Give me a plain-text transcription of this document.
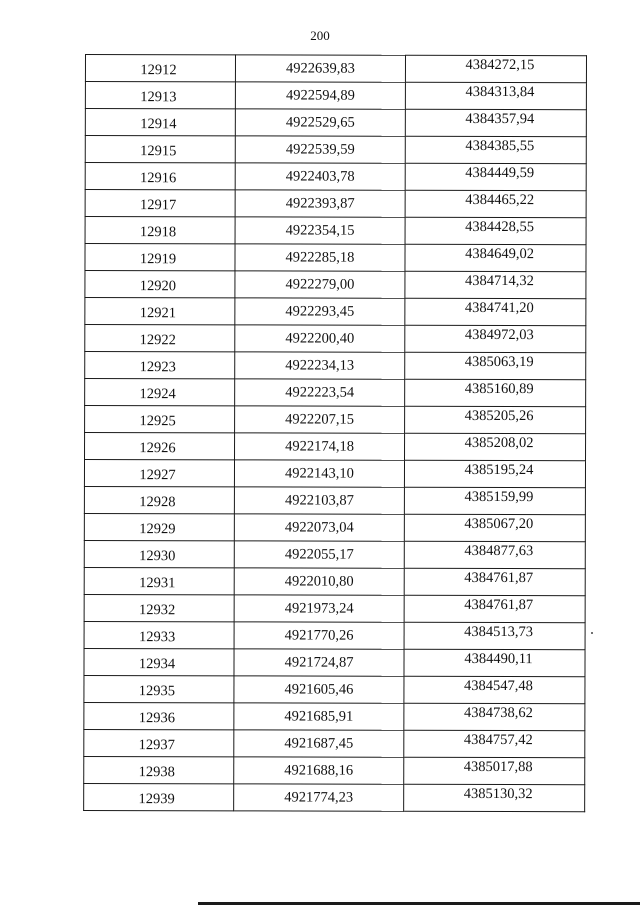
200
12912	4922639,83	4384272,15
12913	4922594,89	4384313,84
12914	4922529,65	4384357,94
12915	4922539,59	4384385,55
12916	4922403,78	4384449,59
12917	4922393,87	4384465,22
12918	4922354,15	4384428,55
12919	4922285,18	4384649,02
12920	4922279,00	4384714,32
12921	4922293,45	4384741,20
12922	4922200,40	4384972,03
12923	4922234,13	4385063,19
12924	4922223,54	4385160,89
12925	4922207,15	4385205,26
12926	4922174,18	4385208,02
12927	4922143,10	4385195,24
12928	4922103,87	4385159,99
12929	4922073,04	4385067,20
12930	4922055,17	4384877,63
12931	4922010,80	4384761,87
12932	4921973,24	4384761,87
12933	4921770,26	4384513,73
12934	4921724,87	4384490,11
12935	4921605,46	4384547,48
12936	4921685,91	4384738,62
12937	4921687,45	4384757,42
12938	4921688,16	4385017,88
12939	4921774,23	4385130,32
